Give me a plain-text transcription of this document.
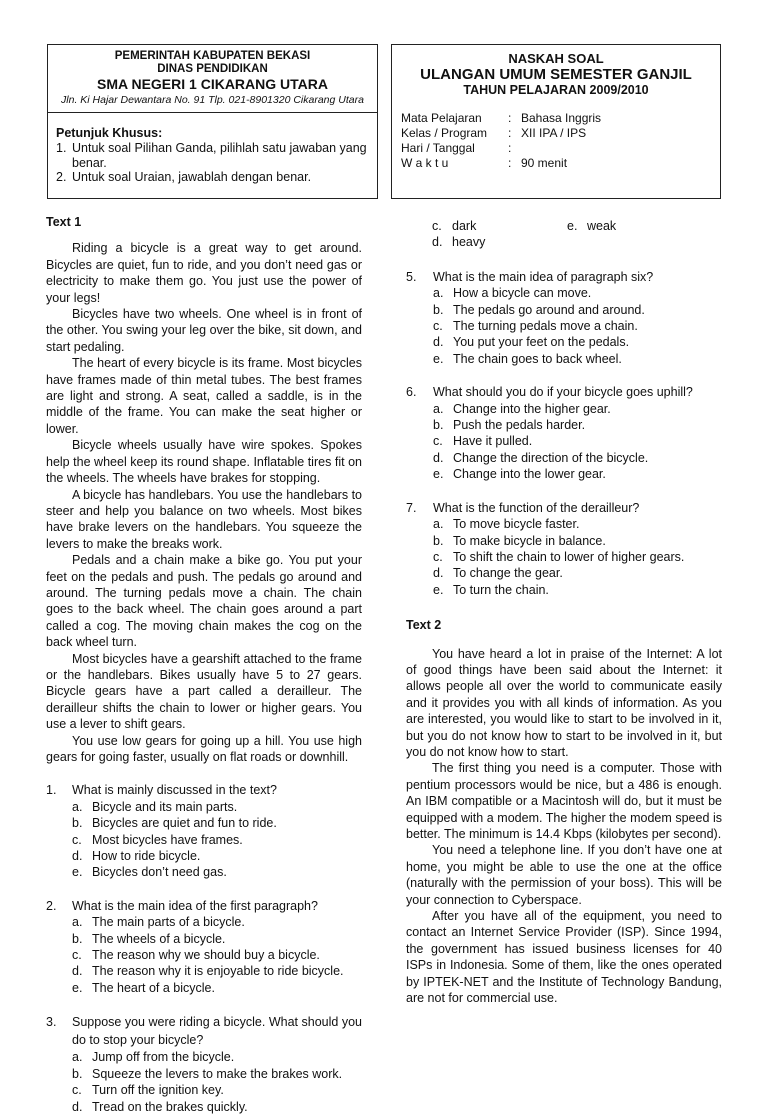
PEMERINTAH KABUPATEN BEKASI
DINAS PENDIDIKAN
SMA NEGERI 1 CIKARANG UTARA
Jln. Ki Hajar Dewantara No. 91 Tlp. 021-8901320 Cikarang Utara
Petunjuk Khusus:
1. Untuk soal Pilihan Ganda, pilihlah satu jawaban yang benar.
2. Untuk soal Uraian, jawablah dengan benar.
NASKAH SOAL
ULANGAN UMUM SEMESTER GANJIL
TAHUN PELAJARAN 2009/2010
Mata Pelajaran	: Bahasa Inggris
Kelas / Program	: XII IPA / IPS
Hari / Tanggal	:
W a k t u	: 90 menit

Text 1

Riding a bicycle is a great way to get around. Bicycles are quiet, fun to ride, and you don’t need gas or electricity to make them go. You just use the power of your legs!

Bicycles have two wheels. One wheel is in front of the other. You swing your leg over the bike, sit down, and start pedaling.

The heart of every bicycle is its frame. Most bicycles have frames made of thin metal tubes. The best frames are light and strong. A seat, called a saddle, is in the middle of the frame. You can make the seat higher or lower.

Bicycle wheels usually have wire spokes. Spokes help the wheel keep its round shape. Inflatable tires fit on the wheels. The wheels have brakes for stopping.

A bicycle has handlebars. You use the handlebars to steer and help you balance on two wheels. Most bikes have brake levers on the handlebars. You squeeze the levers to make the breaks work.

Pedals and a chain make a bike go. You put your feet on the pedals and push. The pedals go around and around. The turning pedals move a chain. The chain goes to the back wheel. The chain goes around a part called a cog. The moving chain makes the cog on the back wheel turn.

Most bicycles have a gearshift attached to the frame or the handlebars. Bikes usually have 5 to 27 gears. Bicycle gears have a part called a derailleur. The derailleur shifts the chain to lower or higher gears. You use a lever to shift gears.

You use low gears for going up a hill. You use high gears for going faster, usually on flat roads or downhill.

1.	What is mainly discussed in the text?
a. Bicycle and its main parts.
b. Bicycles are quiet and fun to ride.
c. Most bicycles have frames.
d. How to ride bicycle.
e. Bicycles don’t need gas.
2.	What is the main idea of the first paragraph?
a. The main parts of a bicycle.
b. The wheels of a bicycle.
c. The reason why we should buy a bicycle.
d. The reason why it is enjoyable to ride bicycle.
e. The heart of a bicycle.
3.	Suppose you were riding a bicycle. What should you do to stop your bicycle?
a. Jump off from the bicycle.
b. Squeeze the levers to make the brakes work.
c. Turn off the ignition key.
d. Tread on the brakes quickly.
c. dark	e. weak
d. heavy
5.	What is the main idea of paragraph six?
a. How a bicycle can move.
b. The pedals go around and around.
c. The turning pedals move a chain.
d. You put your feet on the pedals.
e. The chain goes to back wheel.
6.	What should you do if your bicycle goes uphill?
a. Change into the higher gear.
b. Push the pedals harder.
c. Have it pulled.
d. Change the direction of the bicycle.
e. Change into the lower gear.
7.	What is the function of the derailleur?
a. To move bicycle faster.
b. To make bicycle in balance.
c. To shift the chain to lower of higher gears.
d. To change the gear.
e. To turn the chain.

Text 2

You have heard a lot in praise of the Internet: A lot of good things have been said about the Internet: it allows people all over the world to communicate easily and it provides you with all kinds of information. As you are interested, you would like to start to be involved in it, but you do not know how to start to be involved in it, but you do not know how to start.

The first thing you need is a computer. Those with pentium processors would be nice, but a 486 is enough. An IBM compatible or a Macintosh will do, but it must be equipped with a modem. The higher the modem speed is better. The minimum is 14.4 Kbps (kilobytes per second).

You need a telephone line. If you don’t have one at home, you might be able to use the one at the office (naturally with the permission of your boss). This will be your connection to Cyberspace.

After you have all of the equipment, you need to contact an Internet Service Provider (ISP). Since 1994, the government has issued business licenses for 40 ISPs in Indonesia. Some of them, like the ones operated by IPTEK-NET and the Institute of Technology Bandung, are not for commercial use.
